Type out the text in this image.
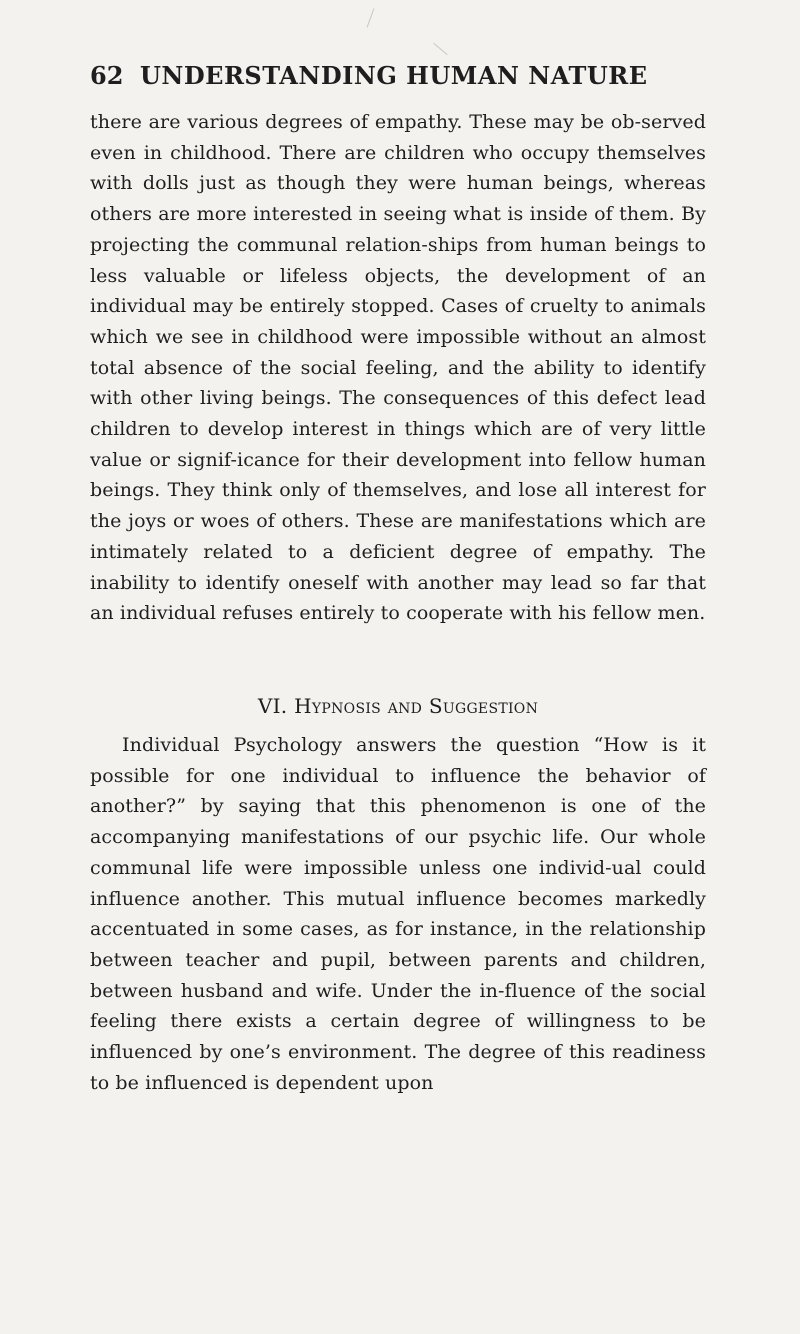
62 UNDERSTANDING HUMAN NATURE

there are various degrees of empathy. These may be ob-served even in childhood. There are children who occupy themselves with dolls just as though they were human beings, whereas others are more interested in seeing what is inside of them. By projecting the communal relation-ships from human beings to less valuable or lifeless objects, the development of an individual may be entirely stopped. Cases of cruelty to animals which we see in childhood were impossible without an almost total absence of the social feeling, and the ability to identify with other living beings. The consequences of this defect lead children to develop interest in things which are of very little value or signif-icance for their development into fellow human beings. They think only of themselves, and lose all interest for the joys or woes of others. These are manifestations which are intimately related to a deficient degree of empathy. The inability to identify oneself with another may lead so far that an individual refuses entirely to cooperate with his fellow men.

VI. Hypnosis and Suggestion

Individual Psychology answers the question “How is it possible for one individual to influence the behavior of another?” by saying that this phenomenon is one of the accompanying manifestations of our psychic life. Our whole communal life were impossible unless one individ-ual could influence another. This mutual influence becomes markedly accentuated in some cases, as for instance, in the relationship between teacher and pupil, between parents and children, between husband and wife. Under the in-fluence of the social feeling there exists a certain degree of willingness to be influenced by one’s environment. The degree of this readiness to be influenced is dependent upon
